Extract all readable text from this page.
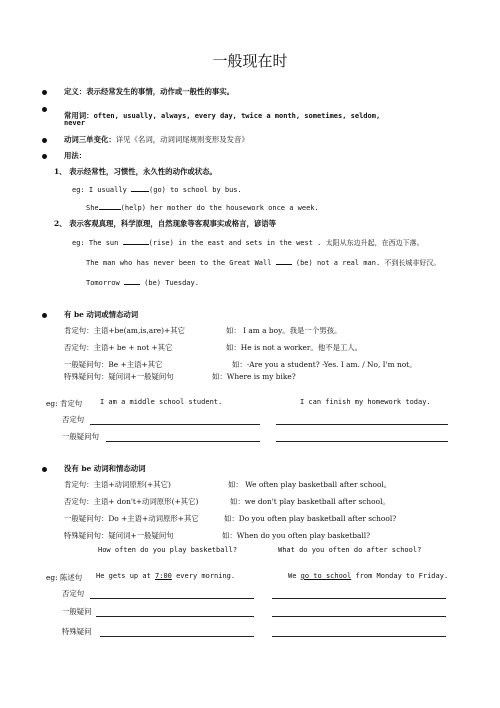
一般现在时
定义：表示经常发生的事情，动作或一般性的事实。
常用词：often, usually, always, every day, twice a month, sometimes, seldom,
never
动词三单变化：详见《名词，动词词尾规则变形及发音》
用法：
1、 表示经常性，习惯性，永久性的动作或状态。
eg: I usually	(go) to school by bus.
She	(help) her mother do the housework once a week.
2、 表示客观真理，科学原理，自然现象等客观事实或格言，谚语等
eg: The sun	(rise) in the east and sets in the west . 太阳从东边升起，在西边下落。
The man who has never been to the Great Wall  (be) not a real man. 不到长城非好汉。
Tomorrow  (be) Tuesday.
有 be 动词或情态动词
肯定句：主语+be(am,is,are)+其它	如： I am a boy。我是一个男孩。
否定句：主语+ be + not +其它	如：He is not a worker。他不是工人。
一般疑问句：Be +主语+其它	如：-Are you a student? -Yes. I am. / No, I'm not。
特殊疑问句：疑问词+一般疑问句	如：Where is my bike?
eg: 肯定句	I am a middle school student.	I can finish my homework today.
否定句
一般疑问句
没有 be 动词和情态动词
肯定句：主语+动词原形(+其它)	如： We often play basketball after school。
否定句：主语+ don't+动词原形(+其它)	如：we don't play basketball after school。
一般疑问句：Do +主语+动词原形+其它	如：Do you often play basketball after school?
特殊疑问句：疑问词+一般疑问句	如：When do you often play basketball?
How often do you play basketball?	What do you often do after school?
eg: 陈述句 He gets up at 7:00 every morning.	We go to school from Monday to Friday.
否定句
一般疑问
特殊疑问
